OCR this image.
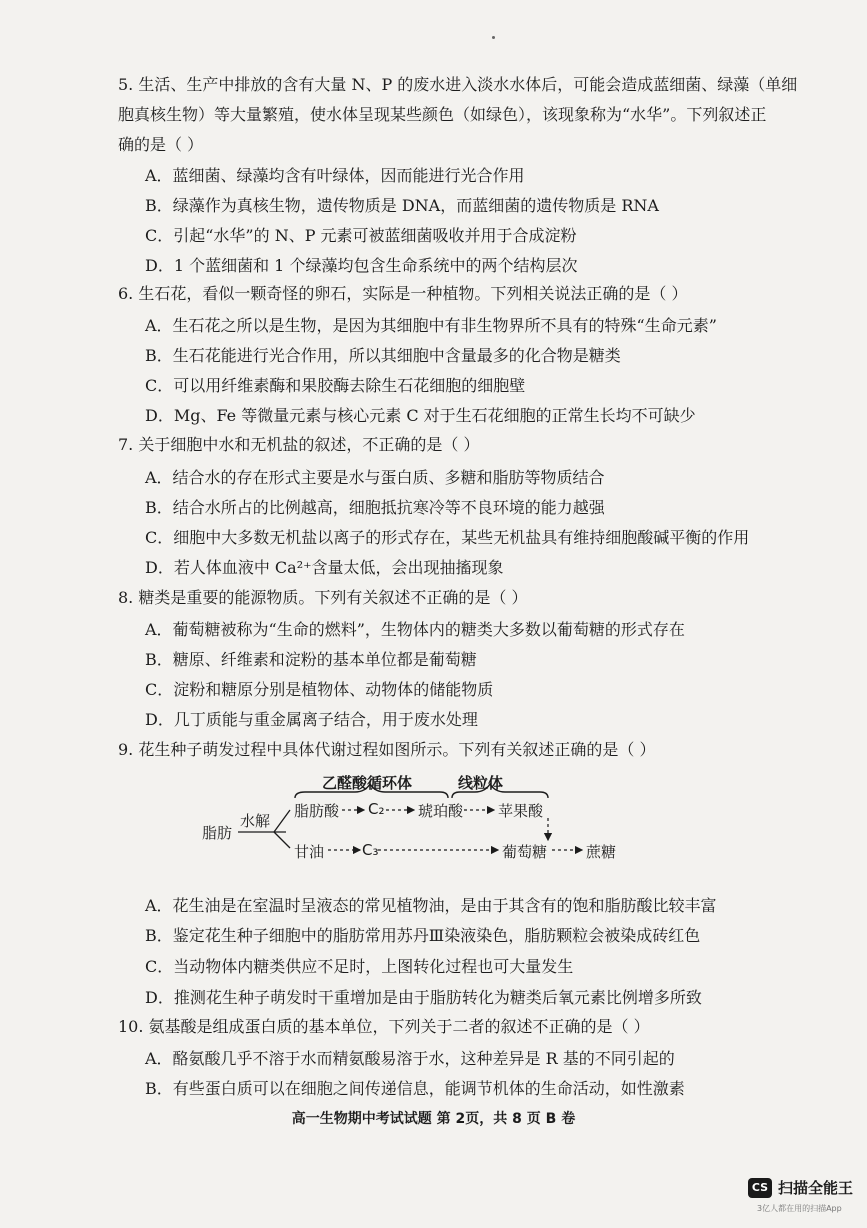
5. 生活、生产中排放的含有大量 N、P 的废水进入淡水水体后，可能会造成蓝细菌、绿藻（单细
胞真核生物）等大量繁殖，使水体呈现某些颜色（如绿色），该现象称为“水华”。下列叙述正
确的是（ ）
A．蓝细菌、绿藻均含有叶绿体，因而能进行光合作用
B．绿藻作为真核生物，遗传物质是 DNA，而蓝细菌的遗传物质是 RNA
C．引起“水华”的 N、P 元素可被蓝细菌吸收并用于合成淀粉
D．1 个蓝细菌和 1 个绿藻均包含生命系统中的两个结构层次
6. 生石花，看似一颗奇怪的卵石，实际是一种植物。下列相关说法正确的是（ ）
A．生石花之所以是生物，是因为其细胞中有非生物界所不具有的特殊“生命元素”
B．生石花能进行光合作用，所以其细胞中含量最多的化合物是糖类
C．可以用纤维素酶和果胶酶去除生石花细胞的细胞壁
D．Mg、Fe 等微量元素与核心元素 C 对于生石花细胞的正常生长均不可缺少
7. 关于细胞中水和无机盐的叙述，不正确的是（ ）
A．结合水的存在形式主要是水与蛋白质、多糖和脂肪等物质结合
B．结合水所占的比例越高，细胞抵抗寒冷等不良环境的能力越强
C．细胞中大多数无机盐以离子的形式存在，某些无机盐具有维持细胞酸碱平衡的作用
D．若人体血液中 Ca²⁺含量太低，会出现抽搐现象
8. 糖类是重要的能源物质。下列有关叙述不正确的是（ ）
A．葡萄糖被称为“生命的燃料”，生物体内的糖类大多数以葡萄糖的形式存在
B．糖原、纤维素和淀粉的基本单位都是葡萄糖
C．淀粉和糖原分别是植物体、动物体的储能物质
D．几丁质能与重金属离子结合，用于废水处理
9. 花生种子萌发过程中具体代谢过程如图所示。下列有关叙述正确的是（ ）
乙醛酸循环体	线粒体
脂肪
水解
脂肪酸 C₂ 琥珀酸 苹果酸
甘油	C₃	葡萄糖	蔗糖
A．花生油是在室温时呈液态的常见植物油，是由于其含有的饱和脂肪酸比较丰富
B．鉴定花生种子细胞中的脂肪常用苏丹Ⅲ染液染色，脂肪颗粒会被染成砖红色
C．当动物体内糖类供应不足时，上图转化过程也可大量发生
D．推测花生种子萌发时干重增加是由于脂肪转化为糖类后氧元素比例增多所致
10. 氨基酸是组成蛋白质的基本单位，下列关于二者的叙述不正确的是（ ）
A．酪氨酸几乎不溶于水而精氨酸易溶于水，这种差异是 R 基的不同引起的
B．有些蛋白质可以在细胞之间传递信息，能调节机体的生命活动，如性激素
高一生物期中考试试题 第 2页，共 8 页 B 卷
CS 扫描全能王
3亿人都在用的扫描App
